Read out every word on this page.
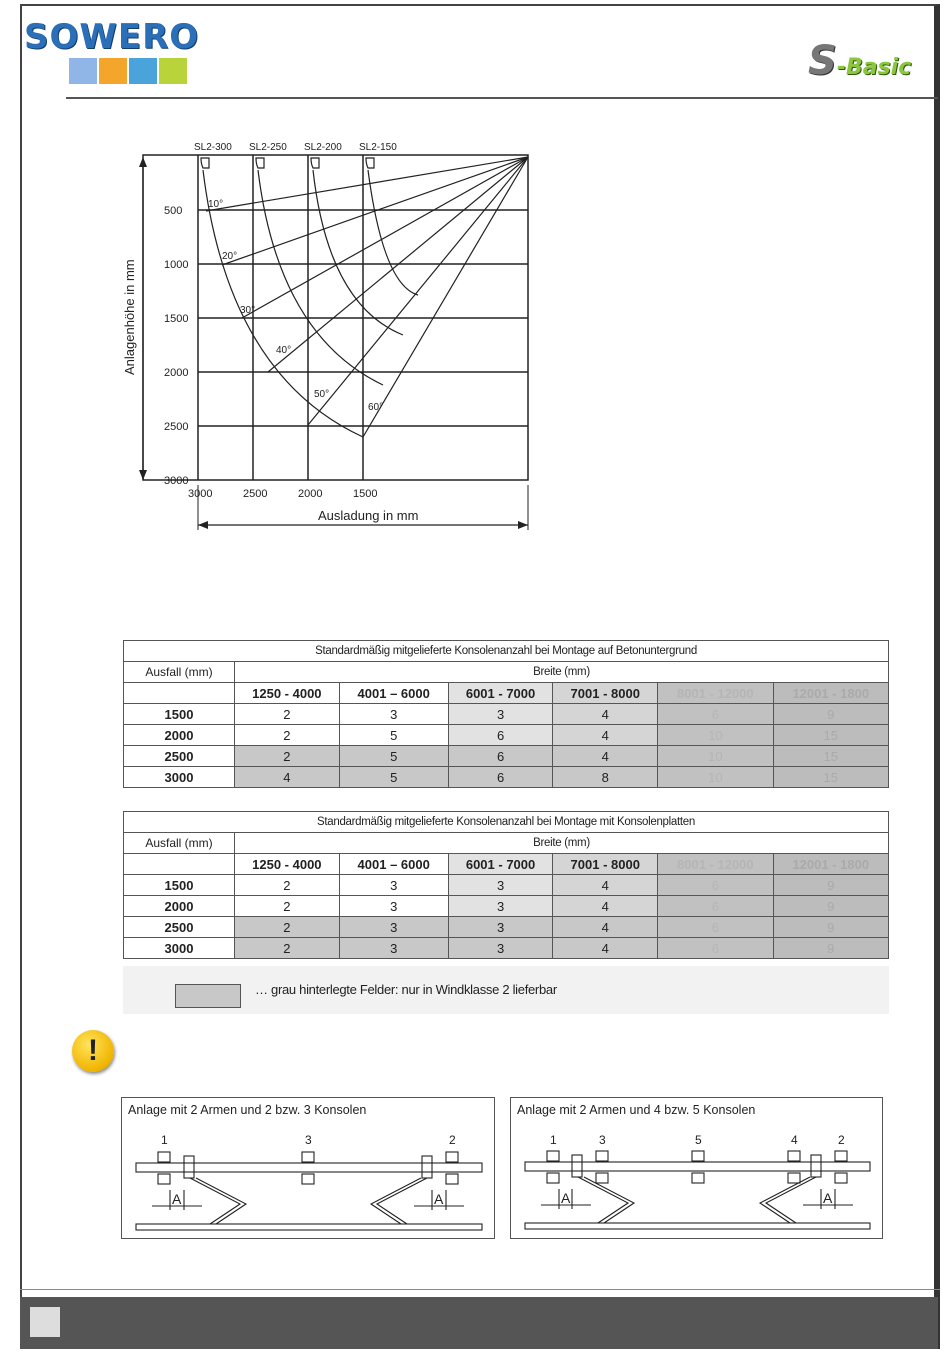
SOWERO
S-Basic
SL2-300 SL2-250 SL2-200 SL2-150
500
1000
1500
2000
2500
3000
3000	2500	2000	1500
10°
20°
30°
40°
50°
60°
Ausladung in mm
Anlagenhöhe in mm
Standardmäßig mitgelieferte Konsolenanzahl bei Montage auf Betonuntergrund						
Ausfall (mm)	Breite (mm)					
	1250 - 4000	4001 – 6000	6001 - 7000	7001 - 8000	8001 - 12000	12001 - 1800
1500	2	3	3	4	6	9
2000	2	5	6	4	10	15
2500	2	5	6	4	10	15
3000	4	5	6	8	10	15
Standardmäßig mitgelieferte Konsolenanzahl bei Montage mit Konsolenplatten						
Ausfall (mm)	Breite (mm)					
	1250 - 4000	4001 – 6000	6001 - 7000	7001 - 8000	8001 - 12000	12001 - 1800
1500	2	3	3	4	6	9
2000	2	3	3	4	6	9
2500	2	3	3	4	6	9
3000	2	3	3	4	6	9
… grau hinterlegte Felder: nur in Windklasse 2 lieferbar
!
Anlage mit 2 Armen und 2 bzw. 3 Konsolen
1	3	2
A	A
Anlage mit 2 Armen und 4 bzw. 5 Konsolen
1	3	5	4	2
A	A
